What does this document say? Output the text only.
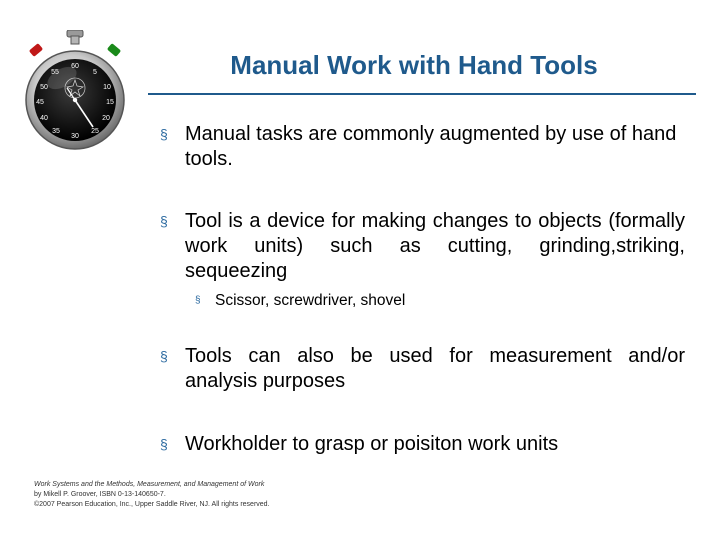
60
5
10
15
20
25
30
35
40
45
50
55	Manual Work with Hand Tools
§ Manual tasks are commonly augmented by use of hand tools.
§ Tool is a device for making changes to objects (formally work units) such as cutting, grinding,striking, sequeezing
§ Scissor, screwdriver, shovel
§ Tools can also be used for measurement and/or analysis purposes
§ Workholder to grasp or poisiton work units
Work Systems and the Methods, Measurement, and Management of Work
by Mikell P. Groover, ISBN 0-13-140650-7.
©2007 Pearson Education, Inc., Upper Saddle River, NJ. All rights reserved.
